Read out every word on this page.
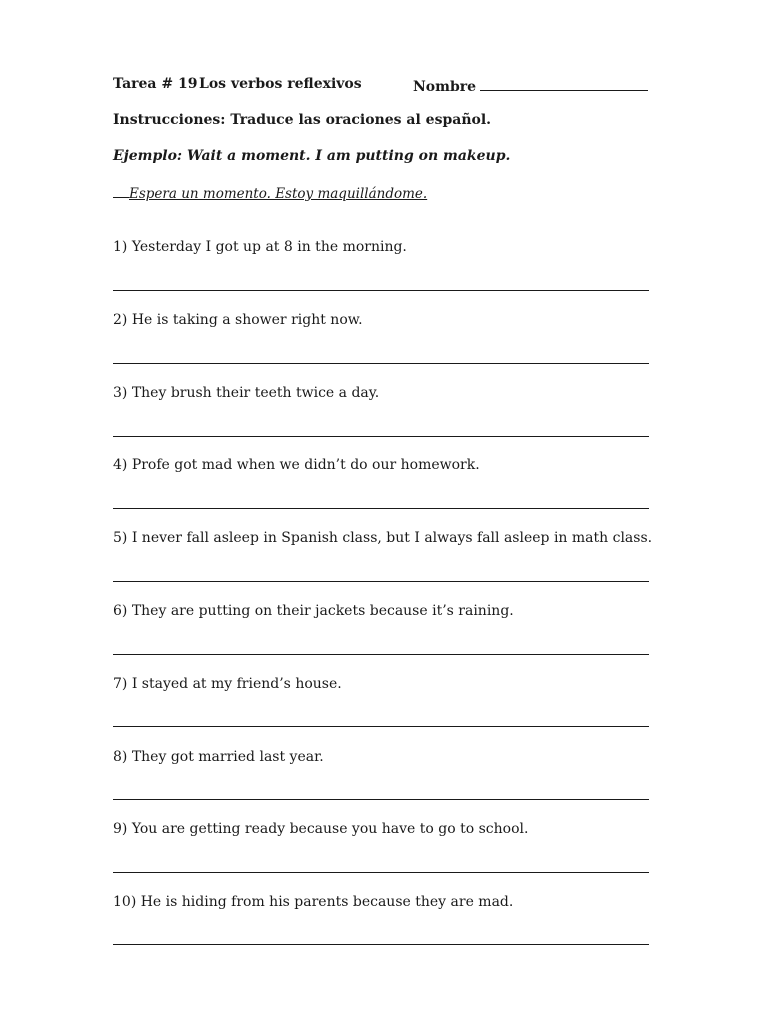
Tarea # 19 Los verbos reflexivos	Nombre
Instrucciones: Traduce las oraciones al español.
Ejemplo: Wait a moment. I am putting on makeup.
Espera un momento. Estoy maquillándome.
1) Yesterday I got up at 8 in the morning.
2) He is taking a shower right now.
3) They brush their teeth twice a day.
4) Profe got mad when we didn’t do our homework.
5) I never fall asleep in Spanish class, but I always fall asleep in math class.
6) They are putting on their jackets because it’s raining.
7) I stayed at my friend’s house.
8) They got married last year.
9) You are getting ready because you have to go to school.
10) He is hiding from his parents because they are mad.
